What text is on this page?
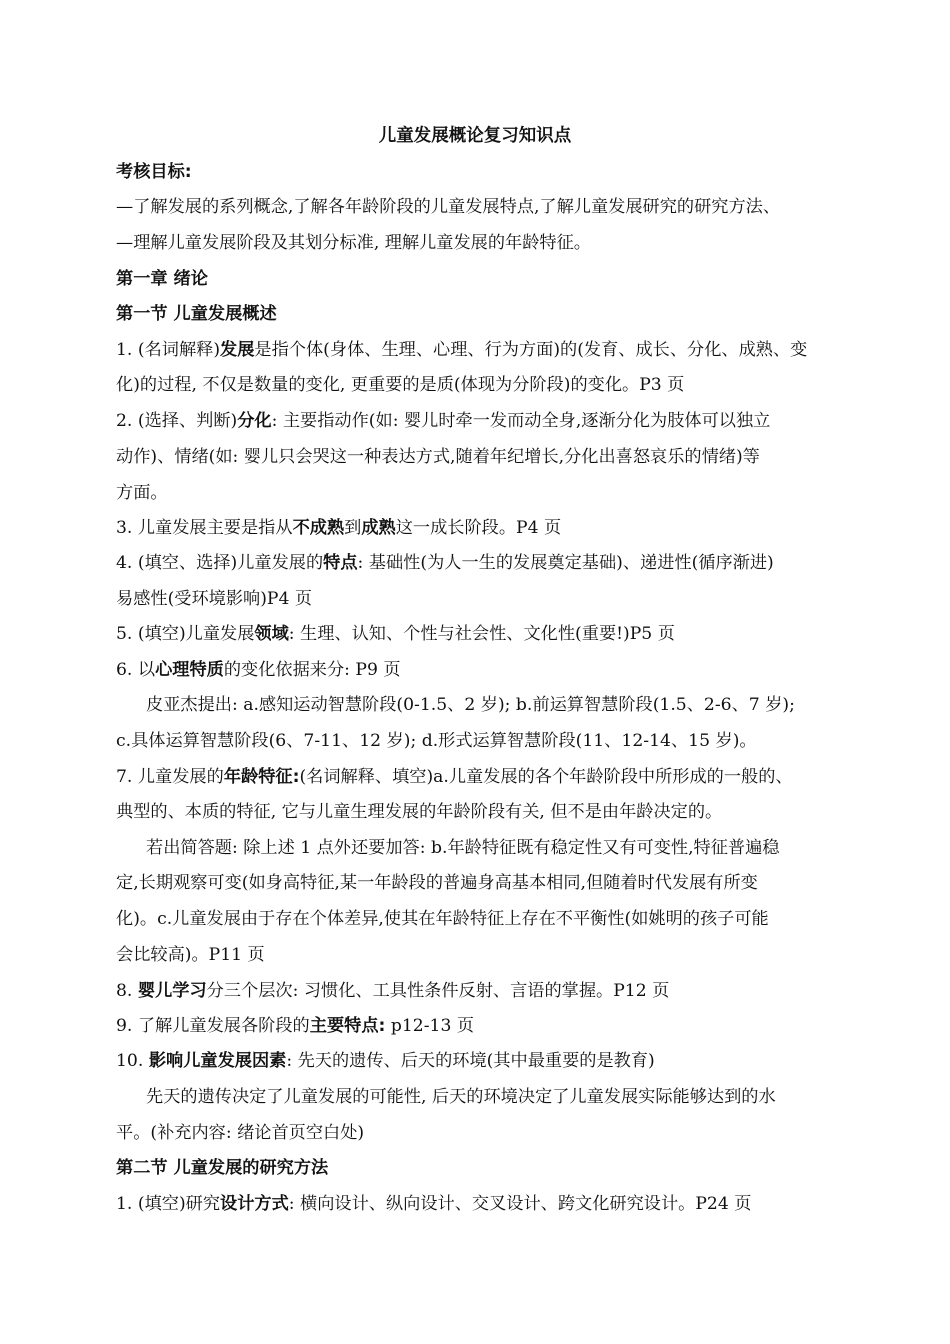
儿童发展概论复习知识点
考核目标:
—了解发展的系列概念,了解各年龄阶段的儿童发展特点,了解儿童发展研究的研究方法、
—理解儿童发展阶段及其划分标准, 理解儿童发展的年龄特征。
第一章 绪论
第一节 儿童发展概述
1. (名词解释)发展是指个体(身体、生理、心理、行为方面)的(发育、成长、分化、成熟、变
化)的过程, 不仅是数量的变化, 更重要的是质(体现为分阶段)的变化。P3 页
2. (选择、判断)分化: 主要指动作(如: 婴儿时牵一发而动全身,逐渐分化为肢体可以独立
动作)、情绪(如: 婴儿只会哭这一种表达方式,随着年纪增长,分化出喜怒哀乐的情绪)等
方面。
3. 儿童发展主要是指从不成熟到成熟这一成长阶段。P4 页
4. (填空、选择)儿童发展的特点: 基础性(为人一生的发展奠定基础)、递进性(循序渐进)
易感性(受环境影响)P4 页
5. (填空)儿童发展领域: 生理、认知、个性与社会性、文化性(重要!)P5 页
6. 以心理特质的变化依据来分: P9 页
皮亚杰提出: a.感知运动智慧阶段(0-1.5、2 岁); b.前运算智慧阶段(1.5、2-6、7 岁);
c.具体运算智慧阶段(6、7-11、12 岁); d.形式运算智慧阶段(11、12-14、15 岁)。
7. 儿童发展的年龄特征:(名词解释、填空)a.儿童发展的各个年龄阶段中所形成的一般的、
典型的、本质的特征, 它与儿童生理发展的年龄阶段有关, 但不是由年龄决定的。
若出简答题: 除上述 1 点外还要加答: b.年龄特征既有稳定性又有可变性,特征普遍稳
定,长期观察可变(如身高特征,某一年龄段的普遍身高基本相同,但随着时代发展有所变
化)。c.儿童发展由于存在个体差异,使其在年龄特征上存在不平衡性(如姚明的孩子可能
会比较高)。P11 页
8. 婴儿学习分三个层次: 习惯化、工具性条件反射、言语的掌握。P12 页
9. 了解儿童发展各阶段的主要特点: p12-13 页
10. 影响儿童发展因素: 先天的遗传、后天的环境(其中最重要的是教育)
先天的遗传决定了儿童发展的可能性, 后天的环境决定了儿童发展实际能够达到的水
平。(补充内容: 绪论首页空白处)
第二节 儿童发展的研究方法
1. (填空)研究设计方式: 横向设计、纵向设计、交叉设计、跨文化研究设计。P24 页
